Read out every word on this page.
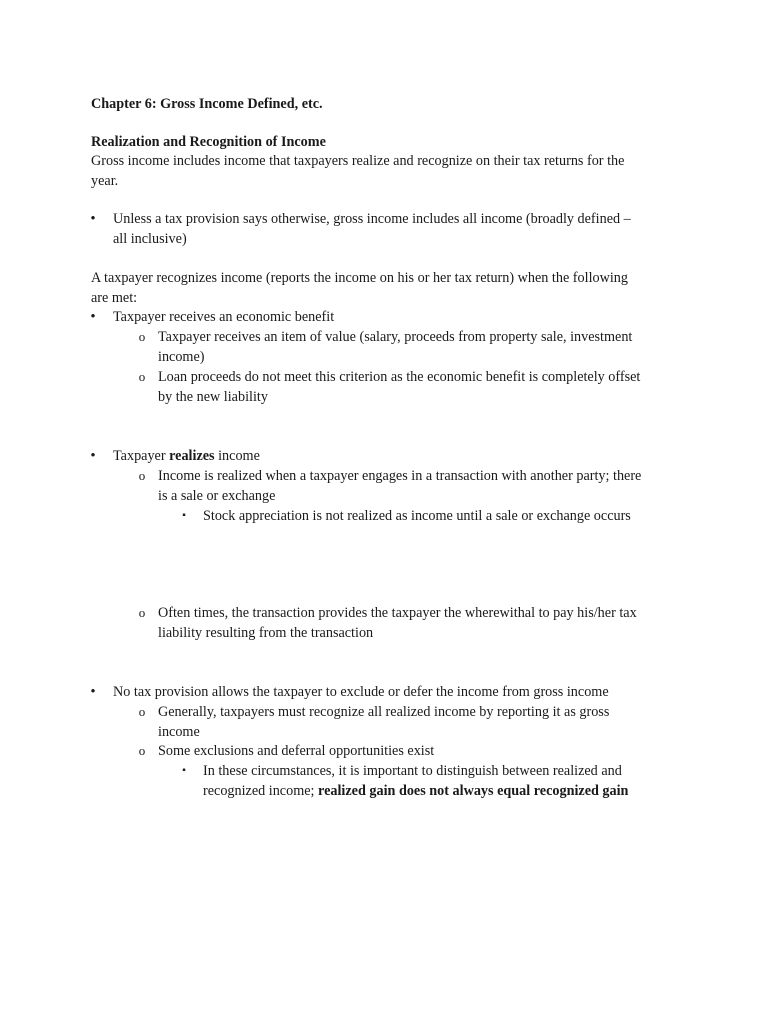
Chapter 6: Gross Income Defined, etc.
Realization and Recognition of Income
Gross income includes income that taxpayers realize and recognize on their tax returns for the
year.
• Unless a tax provision says otherwise, gross income includes all income (broadly defined –
all inclusive)
A taxpayer recognizes income (reports the income on his or her tax return) when the following
are met:
• Taxpayer receives an economic benefit
o Taxpayer receives an item of value (salary, proceeds from property sale, investment
income)
o Loan proceeds do not meet this criterion as the economic benefit is completely offset
by the new liability
• Taxpayer realizes income
o Income is realized when a taxpayer engages in a transaction with another party; there
is a sale or exchange
▪ Stock appreciation is not realized as income until a sale or exchange occurs
o Often times, the transaction provides the taxpayer the wherewithal to pay his/her tax
liability resulting from the transaction
• No tax provision allows the taxpayer to exclude or defer the income from gross income
o Generally, taxpayers must recognize all realized income by reporting it as gross
income
o Some exclusions and deferral opportunities exist
▪ In these circumstances, it is important to distinguish between realized and
recognized income; realized gain does not always equal recognized gain
